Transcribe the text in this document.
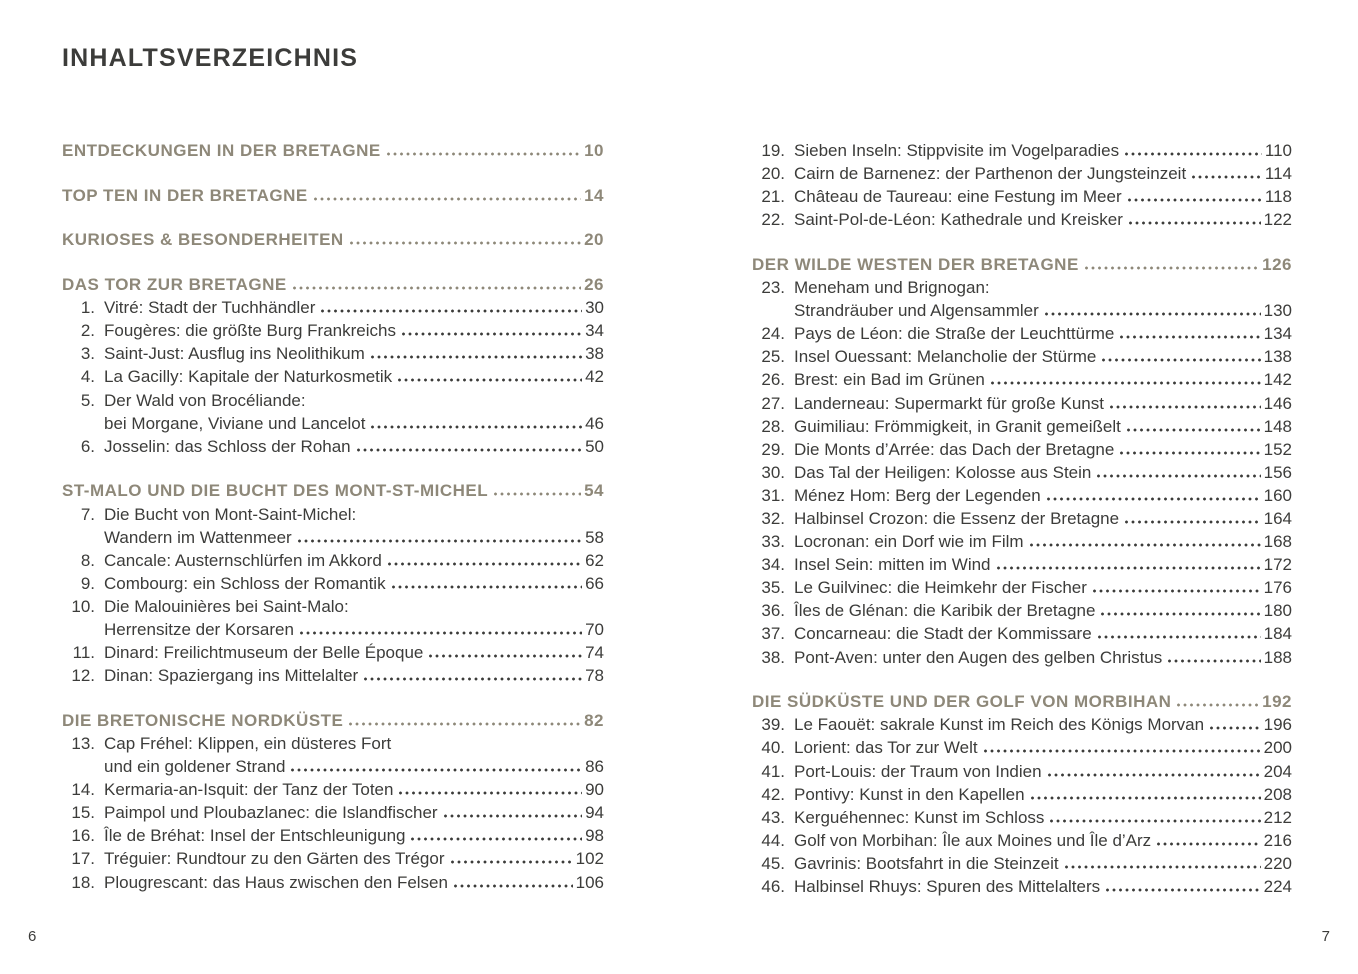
INHALTSVERZEICHNIS
ENTDECKUNGEN IN DER BRETAGNE	10
TOP TEN IN DER BRETAGNE	14
KURIOSES & BESONDERHEITEN	20
DAS TOR ZUR BRETAGNE	26
1. Vitré: Stadt der Tuchhändler	30
2. Fougères: die größte Burg Frankreichs	34
3. Saint-Just: Ausflug ins Neolithikum	38
4. La Gacilly: Kapitale der Naturkosmetik	42
5. Der Wald von Brocéliande:
bei Morgane, Viviane und Lancelot	46
6. Josselin: das Schloss der Rohan	50
ST-MALO UND DIE BUCHT DES MONT-ST-MICHEL	54
7. Die Bucht von Mont-Saint-Michel:
Wandern im Wattenmeer	58
8. Cancale: Austernschlürfen im Akkord	62
9. Combourg: ein Schloss der Romantik	66
10. Die Malouinières bei Saint-Malo:
Herrensitze der Korsaren	70
11. Dinard: Freilichtmuseum der Belle Époque	74
12. Dinan: Spaziergang ins Mittelalter	78
DIE BRETONISCHE NORDKÜSTE	82
13. Cap Fréhel: Klippen, ein düsteres Fort
und ein goldener Strand	86
14. Kermaria-an-Isquit: der Tanz der Toten	90
15. Paimpol und Ploubazlanec: die Islandfischer	94
16. Île de Bréhat: Insel der Entschleunigung	98
17. Tréguier: Rundtour zu den Gärten des Trégor	102
18. Plougrescant: das Haus zwischen den Felsen	106
19. Sieben Inseln: Stippvisite im Vogelparadies	110
20. Cairn de Barnenez: der Parthenon der Jungsteinzeit	114
21. Château de Taureau: eine Festung im Meer	118
22. Saint-Pol-de-Léon: Kathedrale und Kreisker	122
DER WILDE WESTEN DER BRETAGNE	126
23. Meneham und Brignogan:
Strandräuber und Algensammler	130
24. Pays de Léon: die Straße der Leuchttürme	134
25. Insel Ouessant: Melancholie der Stürme	138
26. Brest: ein Bad im Grünen	142
27. Landerneau: Supermarkt für große Kunst	146
28. Guimiliau: Frömmigkeit, in Granit gemeißelt	148
29. Die Monts d’Arrée: das Dach der Bretagne	152
30. Das Tal der Heiligen: Kolosse aus Stein	156
31. Ménez Hom: Berg der Legenden	160
32. Halbinsel Crozon: die Essenz der Bretagne	164
33. Locronan: ein Dorf wie im Film	168
34. Insel Sein: mitten im Wind	172
35. Le Guilvinec: die Heimkehr der Fischer	176
36. Îles de Glénan: die Karibik der Bretagne	180
37. Concarneau: die Stadt der Kommissare	184
38. Pont-Aven: unter den Augen des gelben Christus	188
DIE SÜDKÜSTE UND DER GOLF VON MORBIHAN	192
39. Le Faouët: sakrale Kunst im Reich des Königs Morvan	196
40. Lorient: das Tor zur Welt	200
41. Port-Louis: der Traum von Indien	204
42. Pontivy: Kunst in den Kapellen	208
43. Kerguéhennec: Kunst im Schloss	212
44. Golf von Morbihan: Île aux Moines und Île d’Arz	216
45. Gavrinis: Bootsfahrt in die Steinzeit	220
46. Halbinsel Rhuys: Spuren des Mittelalters	224
6	7
